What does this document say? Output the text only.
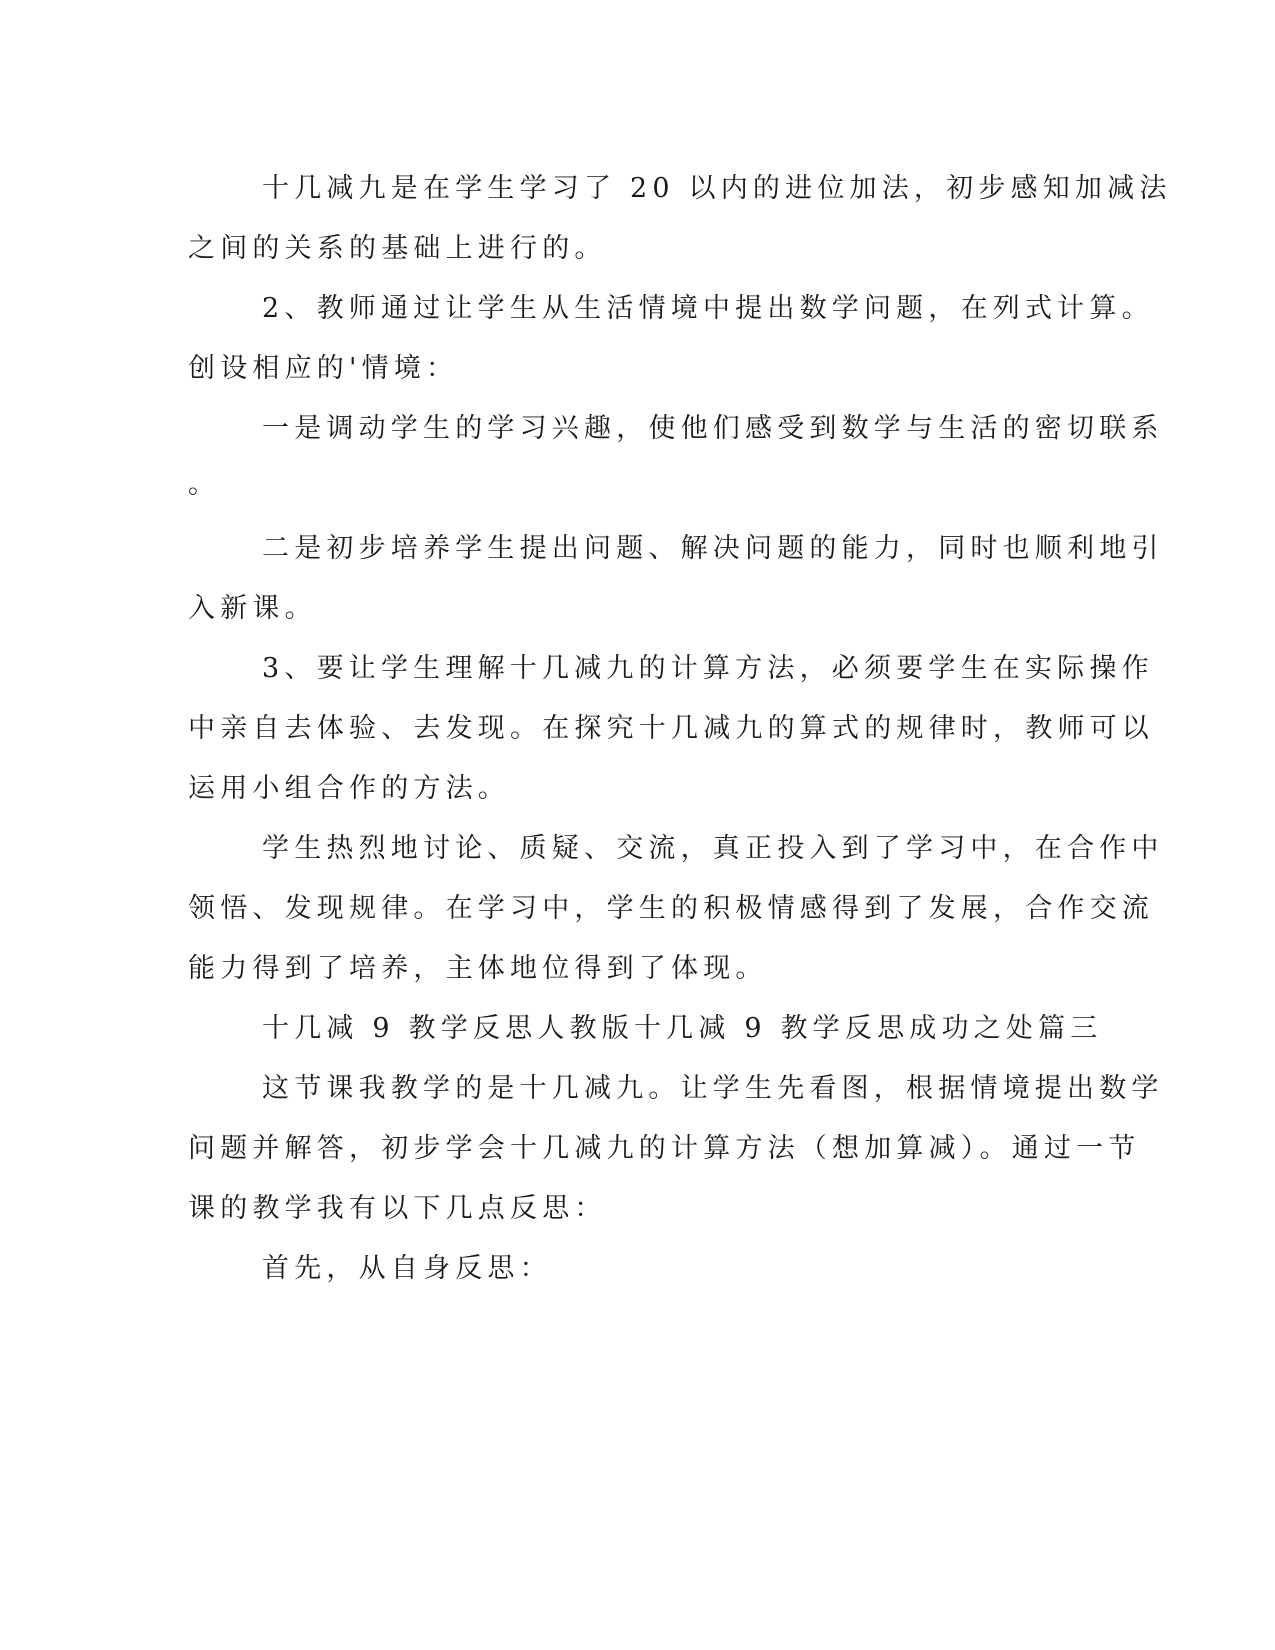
十几减九是在学生学习了 20 以内的进位加法，初步感知加减法
之间的关系的基础上进行的。
2、教师通过让学生从生活情境中提出数学问题，在列式计算。
创设相应的'情境：
一是调动学生的学习兴趣，使他们感受到数学与生活的密切联系
。
二是初步培养学生提出问题、解决问题的能力，同时也顺利地引
入新课。
3、要让学生理解十几减九的计算方法，必须要学生在实际操作
中亲自去体验、去发现。在探究十几减九的算式的规律时，教师可以
运用小组合作的方法。
学生热烈地讨论、质疑、交流，真正投入到了学习中，在合作中
领悟、发现规律。在学习中，学生的积极情感得到了发展，合作交流
能力得到了培养，主体地位得到了体现。
十几减 9 教学反思人教版十几减 9 教学反思成功之处篇三
这节课我教学的是十几减九。让学生先看图，根据情境提出数学
问题并解答，初步学会十几减九的计算方法（想加算减）。通过一节
课的教学我有以下几点反思：
首先，从自身反思：
